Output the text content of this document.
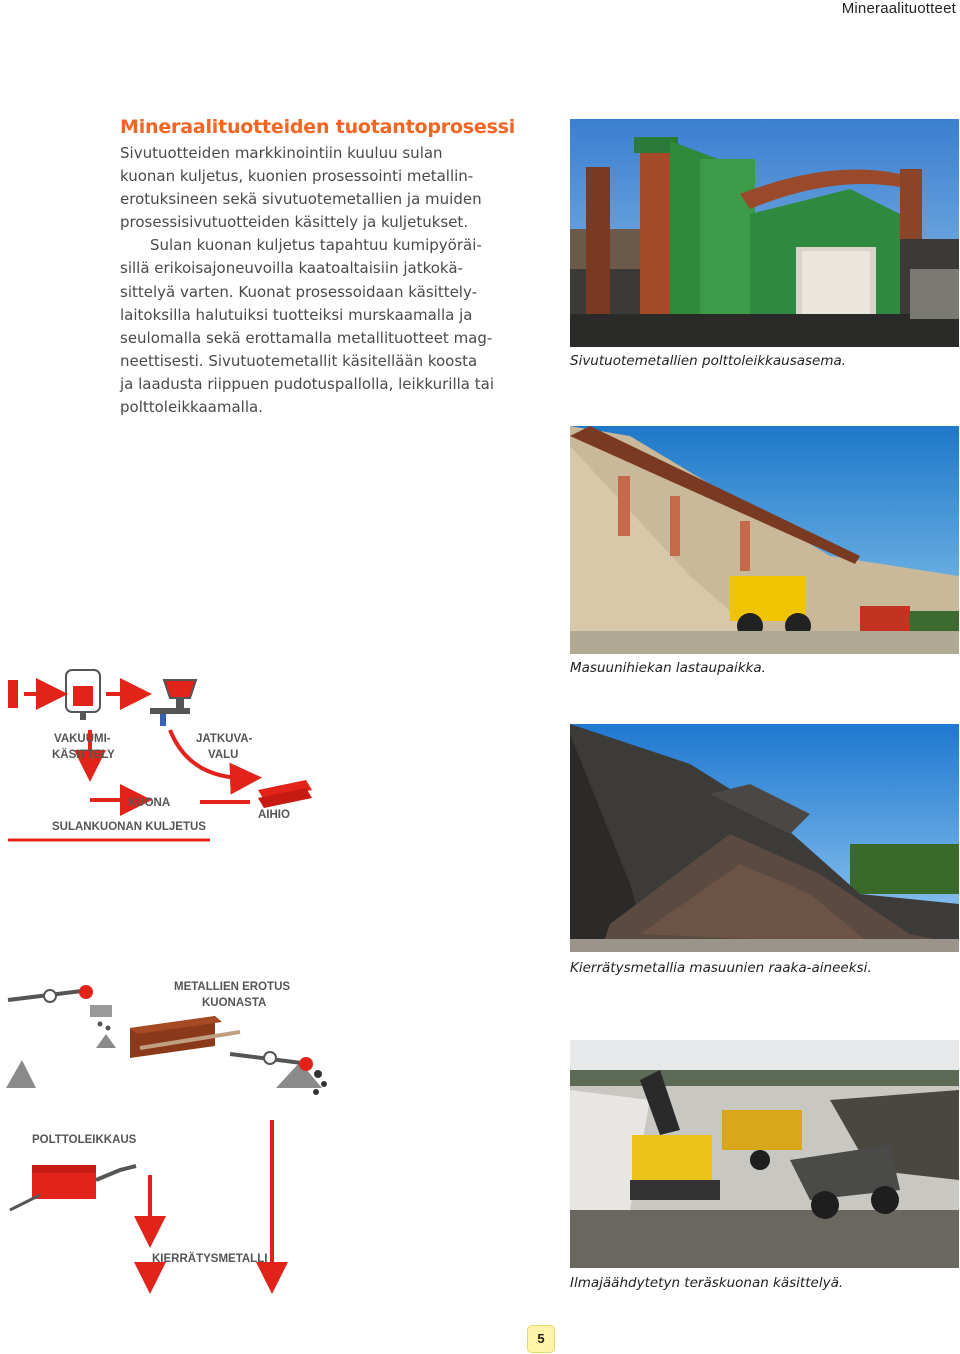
Mineraalituotteet
Mineraalituotteiden tuotantoprosessi

Sivutuotteiden markkinointiin kuuluu sulan

kuonan kuljetus, kuonien prosessointi metallin-

erotuksineen sekä sivutuotemetallien ja muiden

prosessisivutuotteiden käsittely ja kuljetukset.

Sulan kuonan kuljetus tapahtuu kumipyöräi-

sillä erikoisajoneuvoilla kaatoaltaisiin jatkokä-

sittelyä varten. Kuonat prosessoidaan käsittely-

laitoksilla halutuiksi tuotteiksi murskaamalla ja

seulomalla sekä erottamalla metallituotteet mag-

neettisesti. Sivutuotemetallit käsitellään koosta

ja laadusta riippuen pudotuspallolla, leikkurilla tai

polttoleikkaamalla.

Sivutuotemetallien polttoleikkausasema.
Masuunihiekan lastaupaikka.
Kierrätysmetallia masuunien raaka-aineeksi.
Ilmajäähdytetyn teräskuonan käsittelyä.
VAKUUMI-
KÄSITTELY
JATKUVA-
VALU
KUONA
AIHIO
SULANKUONAN KULJETUS
METALLIEN EROTUS
KUONASTA
POLTTOLEIKKAUS
KIERRÄTYSMETALLI
5
